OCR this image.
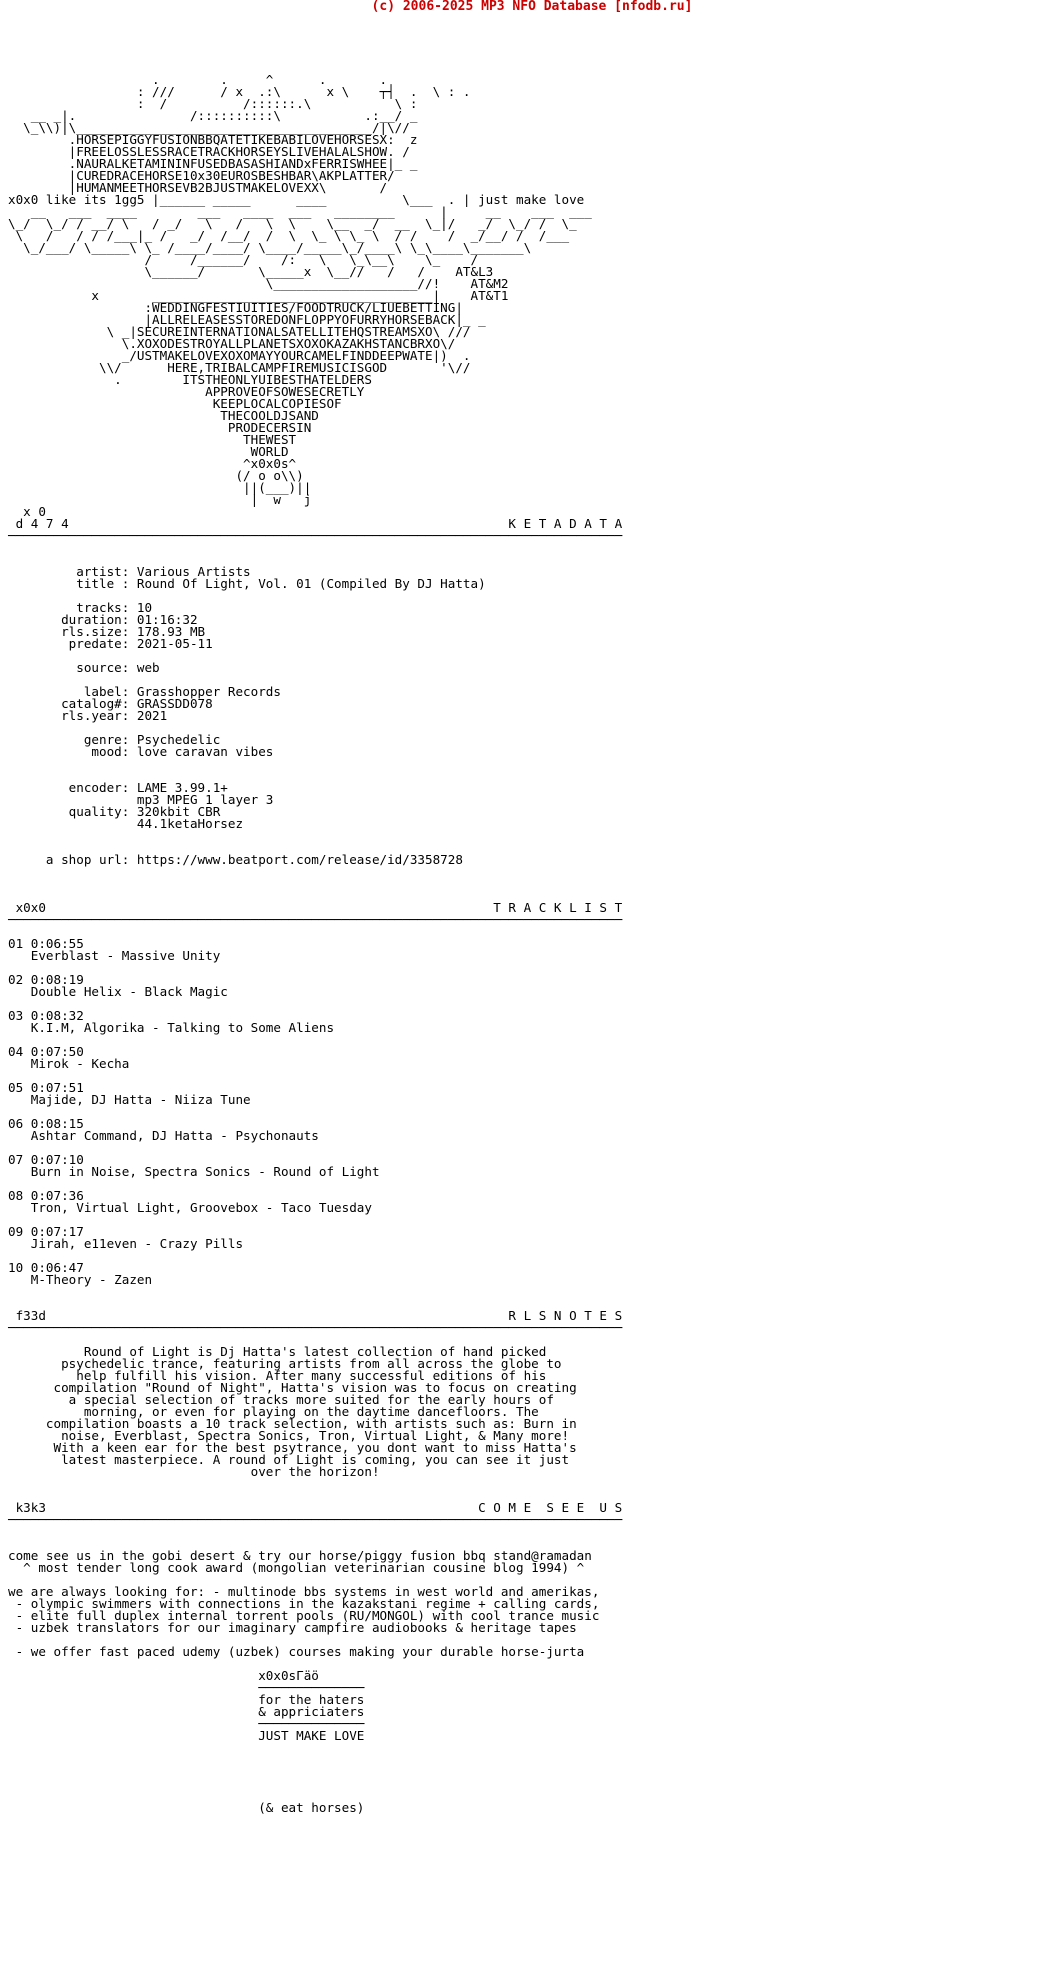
(c) 2006-2025 MP3 NFO Database [nfodb.ru]
.        .     ^      .       .
: ///      / x  .:\      x \    ┬┤  .  \ : .
:  /          /::::::.\           \ :
__ _|.               /::::::::::\           .:__/ _
\_\\)|\_______________________________________/|\//
.HORSEPIGGYFUSIONBBQATETIKEBABILOVEHORSESX:  z
|FREELOSSLESSRACETRACKHORSEYSLIVEHALALSHOW. /
.NAURALKETAMININFUSEDBASASHIANDxFERRISWHEE|_ _
|CUREDRACEHORSE10x30EUROSBESHBAR\AKPLATTER/
|HUMANMEETHORSEVB2BJUSTMAKELOVEXX\       /
x0x0 like its 1gg5 |______ _____      ____          \___  . | just make love
__   ___  ____        ___   ____  ___   ________      |     __    ___  ___
\_/  \_/ / __/ \   / _/   \   /   \  \    \__  _/  __  \_|/   _/  \_/ /  \_
\   /   / / /___|_ /   _/  /__/  /  \  \_ \ \_ \  / /    /  _/__/ /  /___
\_/___/ \_____\ \_ /____/____/ \____/_____\_/____\ \_\____\_______\
/     /______/    /:   \   \_\__\    \_    /
\______/       \_____x  \__//   /   /    AT&L3
\___________________//!    AT&M2
x       _____________________________________|    AT&T1
:WEDDINGFESTIUITIES/FOODTRUCK/LIUEBETTING|
|ALLRELEASESSTOREDONFLOPPYOFURRYHORSEBACK|_ _
\ _|SECUREINTERNATIONALSATELLITEHQSTREAMSXO\ ///
\.XOXODESTROYALLPLANETSXOXOKAZAKHSTANCBRXO\/
_/USTMAKELOVEXOXOMAYYOURCAMELFINDDEEPWATE|)  .
\\/      HERE,TRIBALCAMPFIREMUSICISGOD       '\//
.        ITSTHEONLYUIBESTHATELDERS
APPROVEOFSOWESECRETLY
KEEPLOCALCOPIESOF
THECOOLDJSAND
PRODECERSIN
THEWEST
WORLD
^x0x0s^
(/ o o\\)
||(___)||
|  w   j
x 0
d 4 7 4                                                          K E T A D A T A
─────────────────────────────────────────────────────────────────────────────────

artist: Various Artists
title : Round Of Light, Vol. 01 (Compiled By DJ Hatta)

tracks: 10
duration: 01:16:32
rls.size: 178.93 MB
predate: 2021-05-11

source: web

label: Grasshopper Records
catalog#: GRASSDD078
rls.year: 2021

genre: Psychedelic
mood: love caravan vibes

encoder: LAME 3.99.1+
mp3 MPEG 1 layer 3
quality: 320kbit CBR
44.1ketaHorsez

a shop url: https://www.beatport.com/release/id/3358728

x0x0                                                           T R A C K L I S T
─────────────────────────────────────────────────────────────────────────────────

01 0:06:55
Everblast - Massive Unity

02 0:08:19
Double Helix - Black Magic

03 0:08:32
K.I.M, Algorika - Talking to Some Aliens

04 0:07:50
Mirok - Kecha

05 0:07:51
Majide, DJ Hatta - Niiza Tune

06 0:08:15
Ashtar Command, DJ Hatta - Psychonauts

07 0:07:10
Burn in Noise, Spectra Sonics - Round of Light

08 0:07:36
Tron, Virtual Light, Groovebox - Taco Tuesday

09 0:07:17
Jirah, e11even - Crazy Pills

10 0:06:47
M-Theory - Zazen

f33d                                                             R L S N O T E S
─────────────────────────────────────────────────────────────────────────────────

Round of Light is Dj Hatta's latest collection of hand picked
psychedelic trance, featuring artists from all across the globe to
help fulfill his vision. After many successful editions of his
compilation "Round of Night", Hatta's vision was to focus on creating
a special selection of tracks more suited for the early hours of
morning, or even for playing on the daytime dancefloors. The
compilation boasts a 10 track selection, with artists such as: Burn in
noise, Everblast, Spectra Sonics, Tron, Virtual Light, & Many more!
With a keen ear for the best psytrance, you dont want to miss Hatta's
latest masterpiece. A round of Light is coming, you can see it just
over the horizon!

k3k3                                                         C O M E  S E E  U S
─────────────────────────────────────────────────────────────────────────────────

come see us in the gobi desert & try our horse/piggy fusion bbq stand@ramadan
^ most tender long cook award (mongolian veterinarian cousine blog 1994) ^

we are always looking for: - multinode bbs systems in west world and amerikas,
- olympic swimmers with connections in the kazakstani regime + calling cards,
- elite full duplex internal torrent pools (RU/MONGOL) with cool trance music
- uzbek translators for our imaginary campfire audiobooks & heritage tapes

- we offer fast paced udemy (uzbek) courses making your durable horse-jurta

x0x0sГäö
──────────────
for the haters
& appriciaters
──────────────
JUST MAKE LOVE

(& eat horses)
